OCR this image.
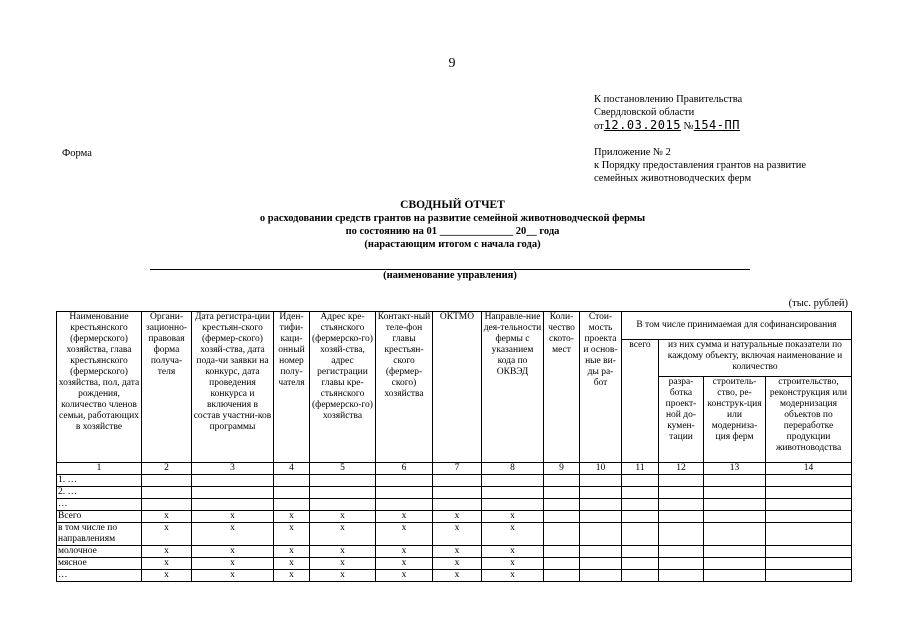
9
К постановлению Правительства
Свердловской области
от12.03.2015 №154-ПП
Форма	Приложение № 2
к Порядку предоставления грантов на развитие
семейных животноводческих ферм
СВОДНЫЙ ОТЧЕТ
о расходовании средств грантов на развитие семейной животноводческой фермы
по состоянию на 01 ______________ 20__ года
(нарастающим итогом с начала года)
(наименование управления)
(тыс. рублей)
Наименование крестьянского (фермерского) хозяйства, глава крестьянского (фермерского) хозяйства, пол, дата рождения, количество членов семьи, работающих в хозяйстве	Органи-зационно-правовая форма получа-теля	Дата регистра-ции крестьян-ского (фермер-ского) хозяй-ства, дата пода-чи заявки на конкурс, дата проведения конкурса и включения в состав участни-ков программы	Иден-тифи-каци-онный номер полу-чателя	Адрес кре-стьянского (фермерско-го) хозяй-ства, адрес регистрации главы кре-стьянского (фермерско-го) хозяйства	Контакт-ный теле-фон главы крестьян-ского (фермер-ского) хозяйства	ОКТМО	Направле-ние дея-тельности фермы с указанием кода по ОКВЭД	Коли-чество ското-мест	Стои-мость проекта и основ-ные ви-ды ра-бот	В том числе принимаемая для софинансирования			
										всего	из них сумма и натуральные показатели по каждому объекту, включая наименование и количество		
											разра-ботка проект-ной до-кумен-тации	строитель-ство, ре-конструк-ция или модерниза-ция ферм	строительство, реконструкция или модернизация объектов по переработке продукции животноводства
1	2	3	4	5	6	7	8	9	10	11	12	13	14
1. …													
2. …													
…													
Всего	x	x	x	x	x	x	x						
в том числе по направлениям	x	x	x	x	x	x	x						
молочное	x	x	x	x	x	x	x						
мясное	x	x	x	x	x	x	x						
…	x	x	x	x	x	x	x						
